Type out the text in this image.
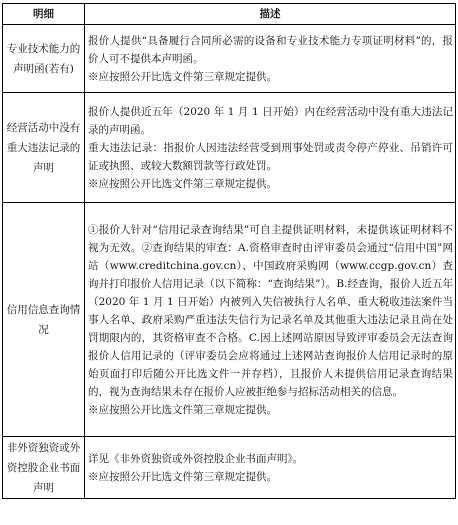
明细	描述
专业技术能力的声明函(若有)	报价人提供“具备履行合同所必需的设备和专业技术能力专项证明材料”的，报价人可不提供本声明函。
※应按照公开比选文件第三章规定提供。

经营活动中没有重大违法记录的声明	报价人提供近五年（2020 年 1 月 1 日开始）内在经营活动中没有重大违法记录的声明函。
重大违法记录：指报价人因违法经营受到刑事处罚或责令停产停业、吊销许可证或执照、或较大数额罚款等行政处罚。
※应按照公开比选文件第三章规定提供。

信用信息查询情况	①报价人针对“信用记录查询结果”可自主提供证明材料，未提供该证明材料不视为无效。②查询结果的审查：A.资格审查时由评审委员会通过“信用中国”网站（www.creditchina.gov.cn）、中国政府采购网（www.ccgp.gov.cn）查询并打印报价人信用记录（以下简称：“查询结果”）。B.经查询，报价人近五年（2020 年 1 月 1 日开始）内被列入失信被执行人名单、重大税收违法案件当事人名单、政府采购严重违法失信行为记录名单及其他重大违法记录且尚在处罚期限内的，其资格审查不合格。C.因上述网站原因导致评审委员会无法查询报价人信用记录的（评审委员会应将通过上述网站查询报价人信用记录时的原始页面打印后随公开比选文件一并存档），且报价人未提供信用记录查询结果的，视为查询结果未存在报价人应被拒绝参与招标活动相关的信息。
※应按照公开比选文件第三章规定提供。

非外资独资或外资控股企业书面声明	详见《非外资独资或外资控股企业书面声明》。
※应按照公开比选文件第三章规定提供。
